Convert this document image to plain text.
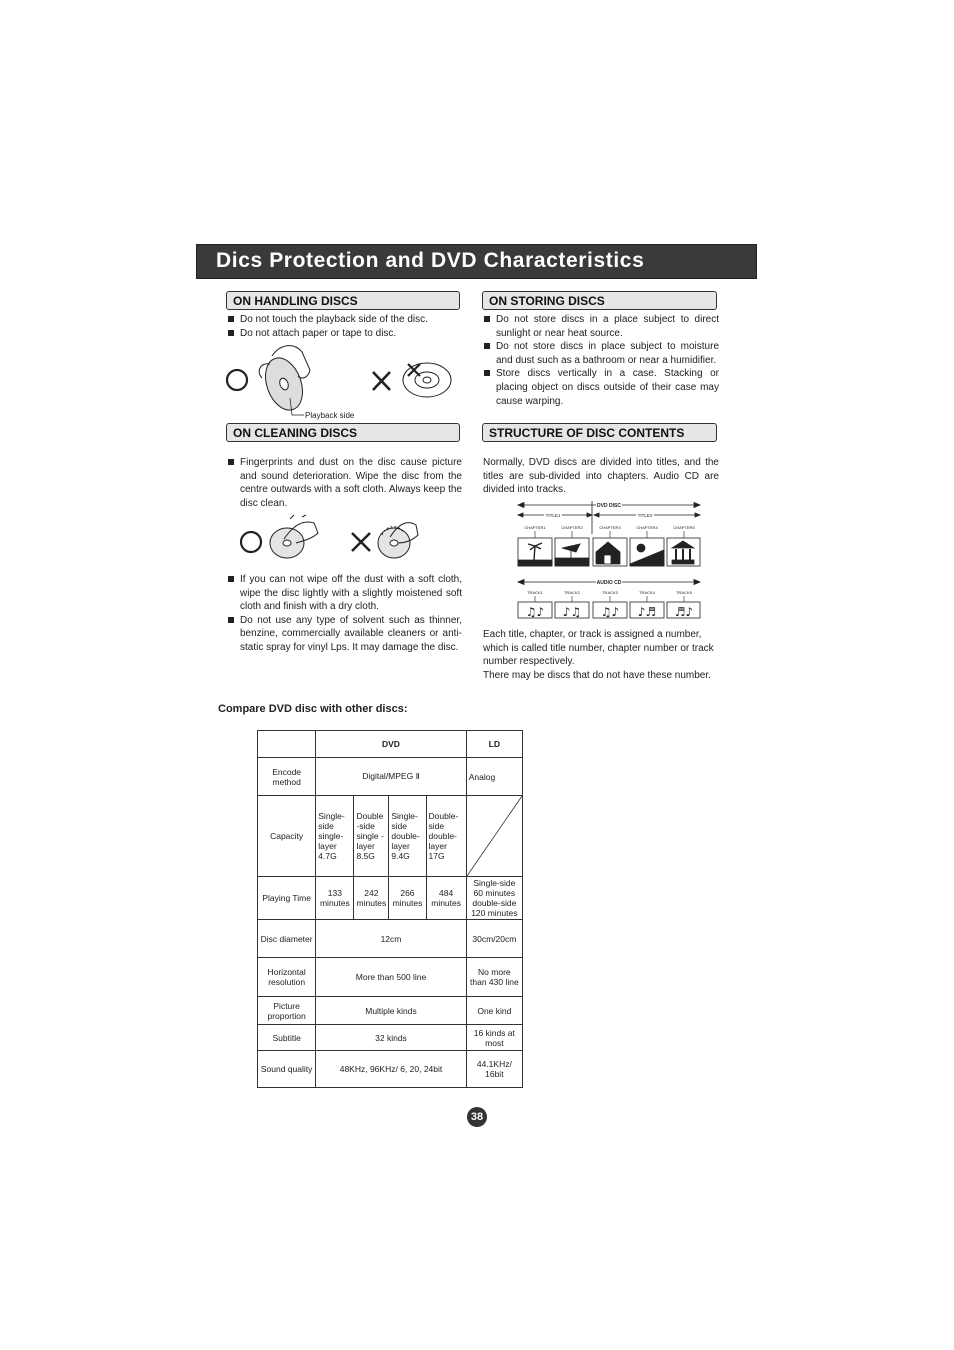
Dics Protection and DVD Characteristics
ON HANDLING DISCS
Do not touch the playback side of the disc.
Do not attach paper or tape to disc.
Playback side
ON STORING DISCS
Do not store discs in a place subject to direct sunlight or near heat source.
Do not store discs in place subject to moisture and dust such as a bathroom or near a humidifier.
Store discs vertically in a case. Stacking or placing object on discs outside of their case may cause warping.
ON CLEANING DISCS
Fingerprints and dust on the disc cause picture and sound deterioration. Wipe the disc from the centre outwards with a soft cloth. Always keep the disc clean.
If you can not wipe off the dust with a soft cloth, wipe the disc lightly with a slightly moistened soft cloth and finish with a dry cloth.
Do not use any type of solvent such as thinner, benzine, commercially available cleaners or anti-static spray for vinyl Lps. It may damage the disc.
STRUCTURE OF DISC CONTENTS

Normally, DVD discs are divided into titles, and the titles are sub-divided into chapters. Audio CD are divided into tracks.

DVD DISC
TITLE1	TITLE2
CHAPTER1	CHAPTER2	CHAPTER3	CHAPTER4	CHAPTER5
AUDIO CD
TRACK1	TRACK2	TRACK3	TRACK4	TRACK5
♫♪ ♪♫ ♫♪ ♪♬ ♬♪

Each title, chapter, or track is assigned a number, which is called title number, chapter number or track number respectively.

There may be discs that do not have these number.

Compare DVD disc with other discs:
	DVD				LD
Encode method	Digital/MPEG Ⅱ				Analog
Capacity	Single-side single-layer 4.7G	Double -side single -layer 8.5G	Single-side double-layer 9.4G	Double-side double-layer 17G	

Playing Time	133 minutes	242 minutes	266 minutes	484 minutes	Single-side 60 minutes double-side 120 minutes
Disc diameter	12cm				30cm/20cm
Horizontal resolution	More than 500 line				No more than 430 line
Picture proportion	Multiple kinds				One kind
Subtitle	32 kinds				16 kinds at most
Sound quality	48KHz, 96KHz/ 6, 20, 24bit				44.1KHz/ 16bit
38
